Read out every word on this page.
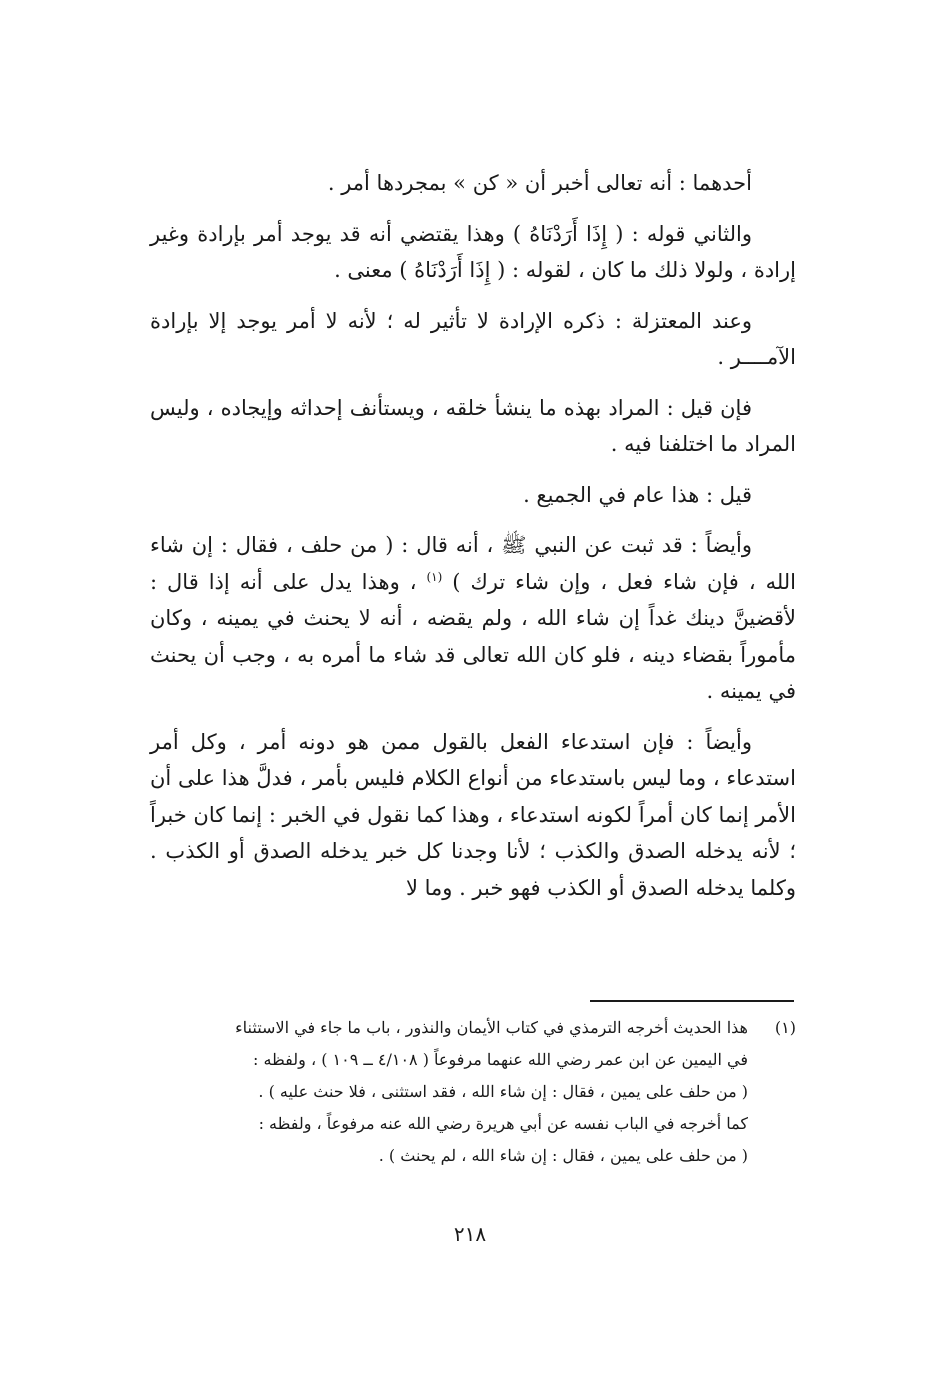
أحدهما : أنه تعالى أخبر أن « كن » بمجردها أمر .

والثاني قوله : ( إِذَا أَرَدْنَاهُ ) وهذا يقتضي أنه قد يوجد أمر بإرادة وغير إرادة ، ولولا ذلك ما كان ، لقوله : ( إِذَا أَرَدْنَاهُ ) معنى .

وعند المعتزلة : ذكره الإرادة لا تأثير له ؛ لأنه لا أمر يوجد إلا بإرادة الآمــــر .

فإن قيل : المراد بهذه ما ينشأ خلقه ، ويستأنف إحداثه وإيجاده ، وليس المراد ما اختلفنا فيه .

قيل : هذا عام في الجميع .

وأيضاً : قد ثبت عن النبي ﷺ ، أنه قال : ( من حلف ، فقال : إن شاء الله ، فإن شاء فعل ، وإن شاء ترك ) $^{(١)}$ ، وهذا يدل على أنه إذا قال : لأقضينَّ دينك غداً إن شاء الله ، ولم يقضه ، أنه لا يحنث في يمينه ، وكان مأموراً بقضاء دينه ، فلو كان الله تعالى قد شاء ما أمره به ، وجب أن يحنث في يمينه .

وأيضاً : فإن استدعاء الفعل بالقول ممن هو دونه أمر ، وكل أمر استدعاء ، وما ليس باستدعاء من أنواع الكلام فليس بأمر ، فدلَّ هذا على أن الأمر إنما كان أمراً لكونه استدعاء ، وهذا كما نقول في الخبر : إنما كان خبراً ؛ لأنه يدخله الصدق والكذب ؛ لأنا وجدنا كل خبر يدخله الصدق أو الكذب . وكلما يدخله الصدق أو الكذب فهو خبر . وما لا

(١)

هذا الحديث أخرجه الترمذي في كتاب الأيمان والنذور ، باب ما جاء في الاستثناء

في اليمين عن ابن عمر رضي الله عنهما مرفوعاً ( ٤/١٠٨ ــ ١٠٩ ) ، ولفظه :

( من حلف على يمين ، فقال : إن شاء الله ، فقد استثنى ، فلا حنث عليه ) .

كما أخرجه في الباب نفسه عن أبي هريرة رضي الله عنه مرفوعاً ، ولفظه :

( من حلف على يمين ، فقال : إن شاء الله ، لم يحنث ) .

٢١٨
